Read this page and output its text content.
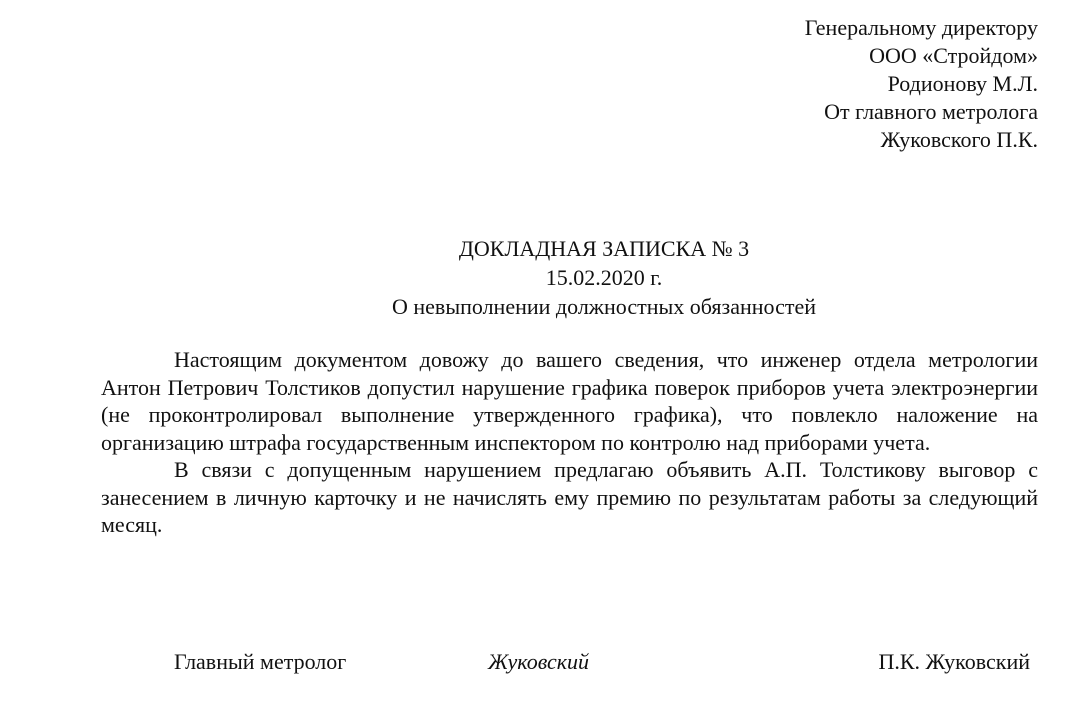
Генеральному директору
ООО «Стройдом»
Родионову М.Л.
От главного метролога
Жуковского П.К.
ДОКЛАДНАЯ ЗАПИСКА № 3
15.02.2020 г.
О невыполнении должностных обязанностей

Настоящим документом довожу до вашего сведения, что инженер отдела метрологии Антон Петрович Толстиков допустил нарушение графика поверок приборов учета электроэнергии (не проконтролировал выполнение утвержденного графика), что повлекло наложение на организацию штрафа государственным инспектором по контролю над приборами учета.

В связи с допущенным нарушением предлагаю объявить А.П. Толстикову выговор с занесением в личную карточку и не начислять ему премию по результатам работы за следующий месяц.

Главный метролог	Жуковский	П.К. Жуковский
